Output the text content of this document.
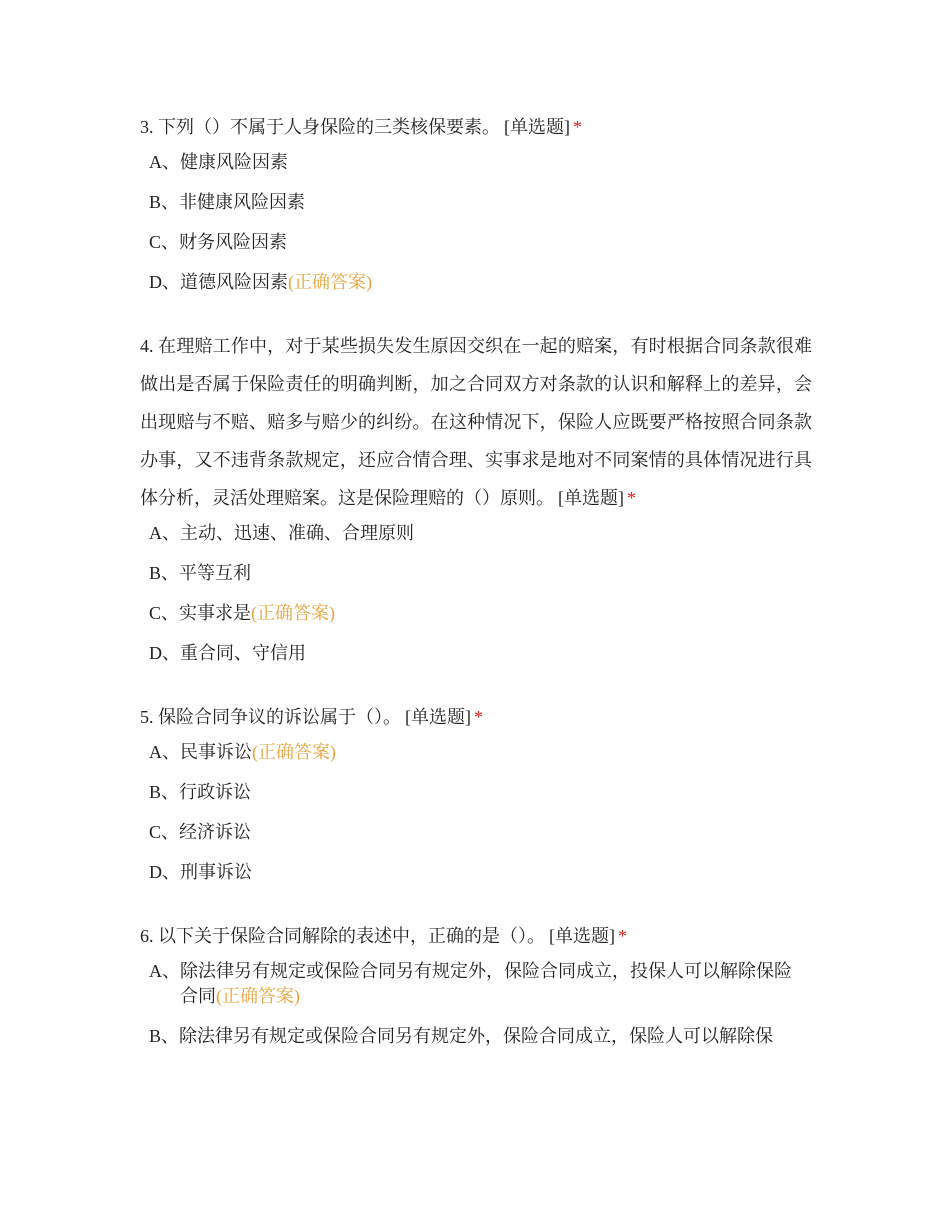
3. 下列（）不属于人身保险的三类核保要素。 [单选题] *

A、健康风险因素
B、非健康风险因素
C、财务风险因素
D、道德风险因素(正确答案)

4. 在理赔工作中，对于某些损失发生原因交织在一起的赔案，有时根据合同条款很难做出是否属于保险责任的明确判断，加之合同双方对条款的认识和解释上的差异，会出现赔与不赔、赔多与赔少的纠纷。在这种情况下，保险人应既要严格按照合同条款办事，又不违背条款规定，还应合情合理、实事求是地对不同案情的具体情况进行具体分析，灵活处理赔案。这是保险理赔的（）原则。 [单选题] *

A、主动、迅速、准确、合理原则
B、平等互利
C、实事求是(正确答案)
D、重合同、守信用

5. 保险合同争议的诉讼属于（）。 [单选题] *

A、民事诉讼(正确答案)
B、行政诉讼
C、经济诉讼
D、刑事诉讼

6. 以下关于保险合同解除的表述中，正确的是（）。 [单选题] *

A、除法律另有规定或保险合同另有规定外，保险合同成立，投保人可以解除保险合同(正确答案)
B、除法律另有规定或保险合同另有规定外，保险合同成立，保险人可以解除保
